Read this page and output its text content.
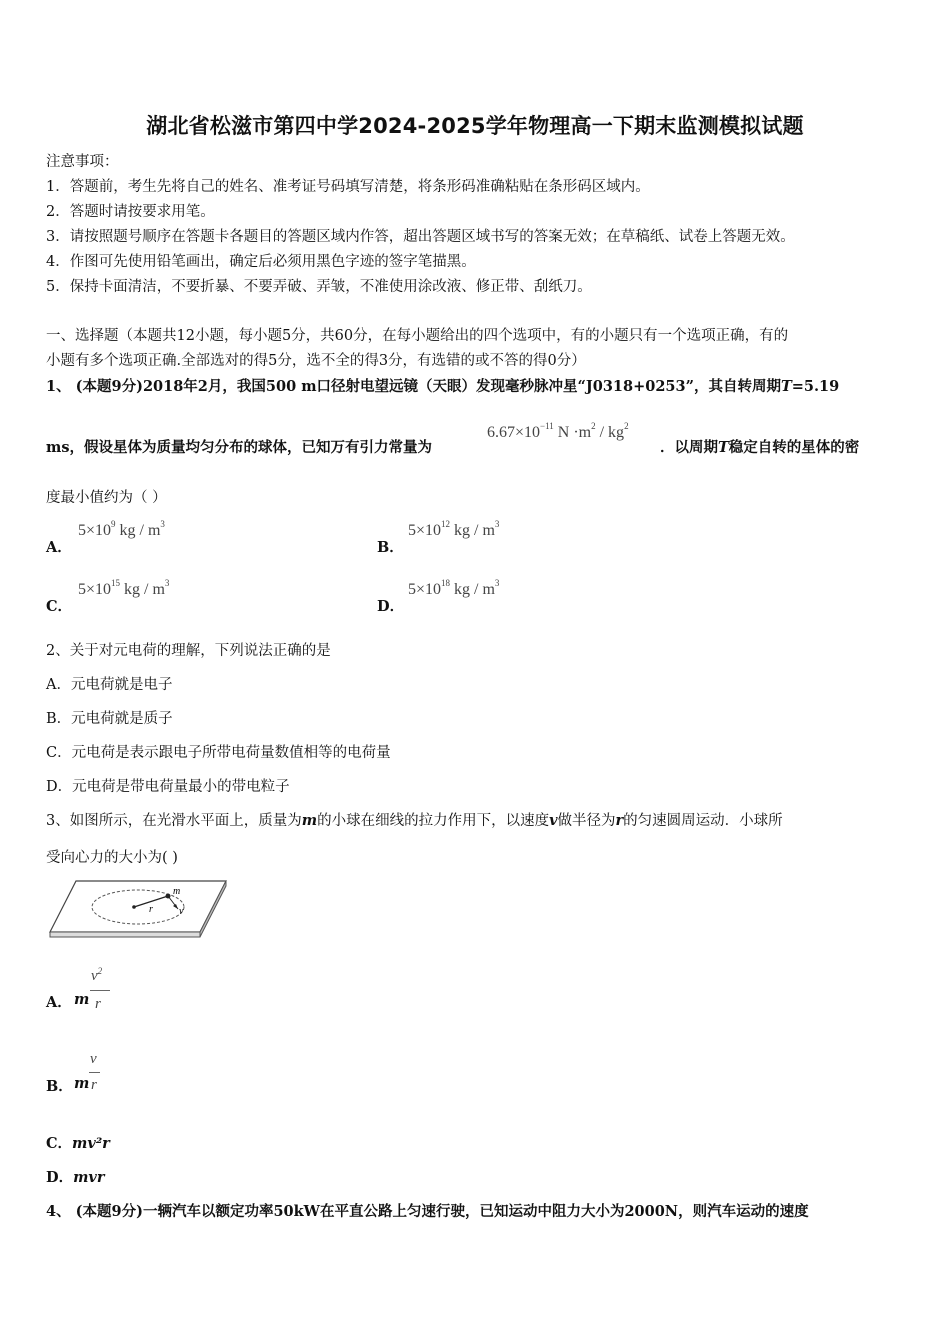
湖北省松滋市第四中学2024-2025学年物理高一下期末监测模拟试题
注意事项：
1．答题前，考生先将自己的姓名、准考证号码填写清楚，将条形码准确粘贴在条形码区域内。
2．答题时请按要求用笔。
3．请按照题号顺序在答题卡各题目的答题区域内作答，超出答题区域书写的答案无效；在草稿纸、试卷上答题无效。
4．作图可先使用铅笔画出，确定后必须用黑色字迹的签字笔描黑。
5．保持卡面清洁，不要折暴、不要弄破、弄皱，不准使用涂改液、修正带、刮纸刀。
一、选择题（本题共12小题，每小题5分，共60分，在每小题给出的四个选项中，有的小题只有一个选项正确，有的
小题有多个选项正确.全部选对的得5分，选不全的得3分，有选错的或不答的得0分）
1、 (本题9分)2018年2月，我国500 m口径射电望远镜（天眼）发现毫秒脉冲星“J0318+0253”，其自转周期T=5.19
ms，假设星体为质量均匀分布的球体，已知万有引力常量为
$6.67\times 10^{-11}$ $N \cdot m^2 / kg^2$
．以周期T稳定自转的星体的密
度最小值约为（ ）
A．
$5\times 10^9$ kg / $m^3$
B．
$5\times 10^{12}$ kg / $m^3$
C．
$5\times 10^{15}$ kg / $m^3$
D．
$5\times 10^{18}$ kg / $m^3$
2、关于对元电荷的理解，下列说法正确的是
A．元电荷就是电子
B．元电荷就是质子
C．元电荷是表示跟电子所带电荷量数值相等的电荷量
D．元电荷是带电荷量最小的带电粒子
3、如图所示，在光滑水平面上，质量为m的小球在细线的拉力作用下，以速度v做半径为r的匀速圆周运动．小球所
受向心力的大小为( )
m
r	v
A． m
$v^2$
r
B． m
v
r
C．mv²r
D．mvr
4、 (本题9分)一辆汽车以额定功率50kW在平直公路上匀速行驶，已知运动中阻力大小为2000N，则汽车运动的速度
